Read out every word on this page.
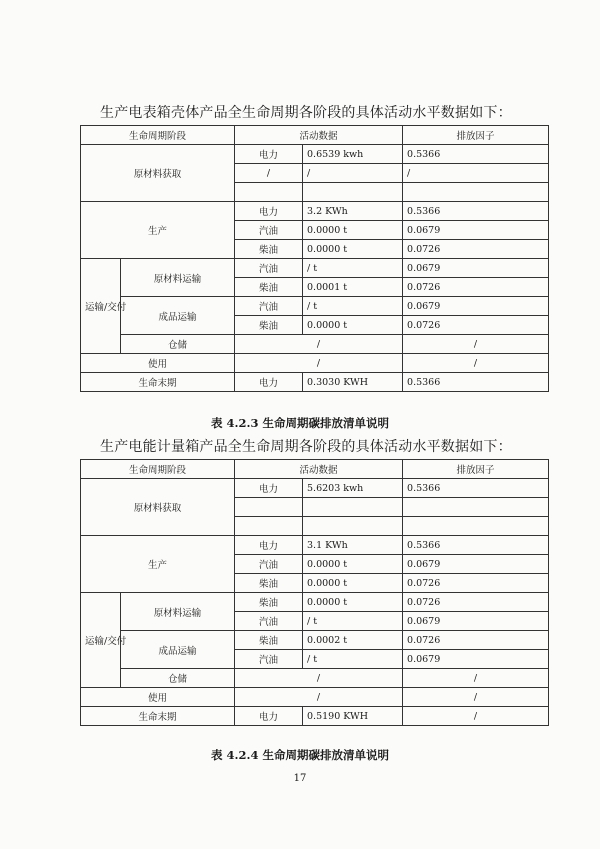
生产电表箱壳体产品全生命周期各阶段的具体活动水平数据如下：
生命周期阶段		活动数据		排放因子	
原材料获取		电力	0.6539 kwh	0.5366	
		/	/	/	

生产		电力	3.2 KWh	0.5366	
		汽油	0.0000 t	0.0679	
		柴油	0.0000 t	0.0726	
运输/交付	原材料运输	汽油	/ t	0.0679	
		柴油	0.0001 t	0.0726	
	成品运输	汽油	/ t	0.0679	
		柴油	0.0000 t	0.0726	
	仓储	/		/	
使用		/		/	
生命末期		电力	0.3030 KWH	0.5366	
表 4.2.3 生命周期碳排放清单说明
生产电能计量箱产品全生命周期各阶段的具体活动水平数据如下：
生命周期阶段		活动数据		排放因子	
原材料获取		电力	5.6203 kwh	0.5366	

生产		电力	3.1 KWh	0.5366	
		汽油	0.0000 t	0.0679	
		柴油	0.0000 t	0.0726	
运输/交付	原材料运输	柴油	0.0000 t	0.0726	
		汽油	/ t	0.0679	
	成品运输	柴油	0.0002 t	0.0726	
		汽油	/ t	0.0679	
	仓储	/		/	
使用		/		/	
生命末期		电力	0.5190 KWH	/	
表 4.2.4 生命周期碳排放清单说明
17
